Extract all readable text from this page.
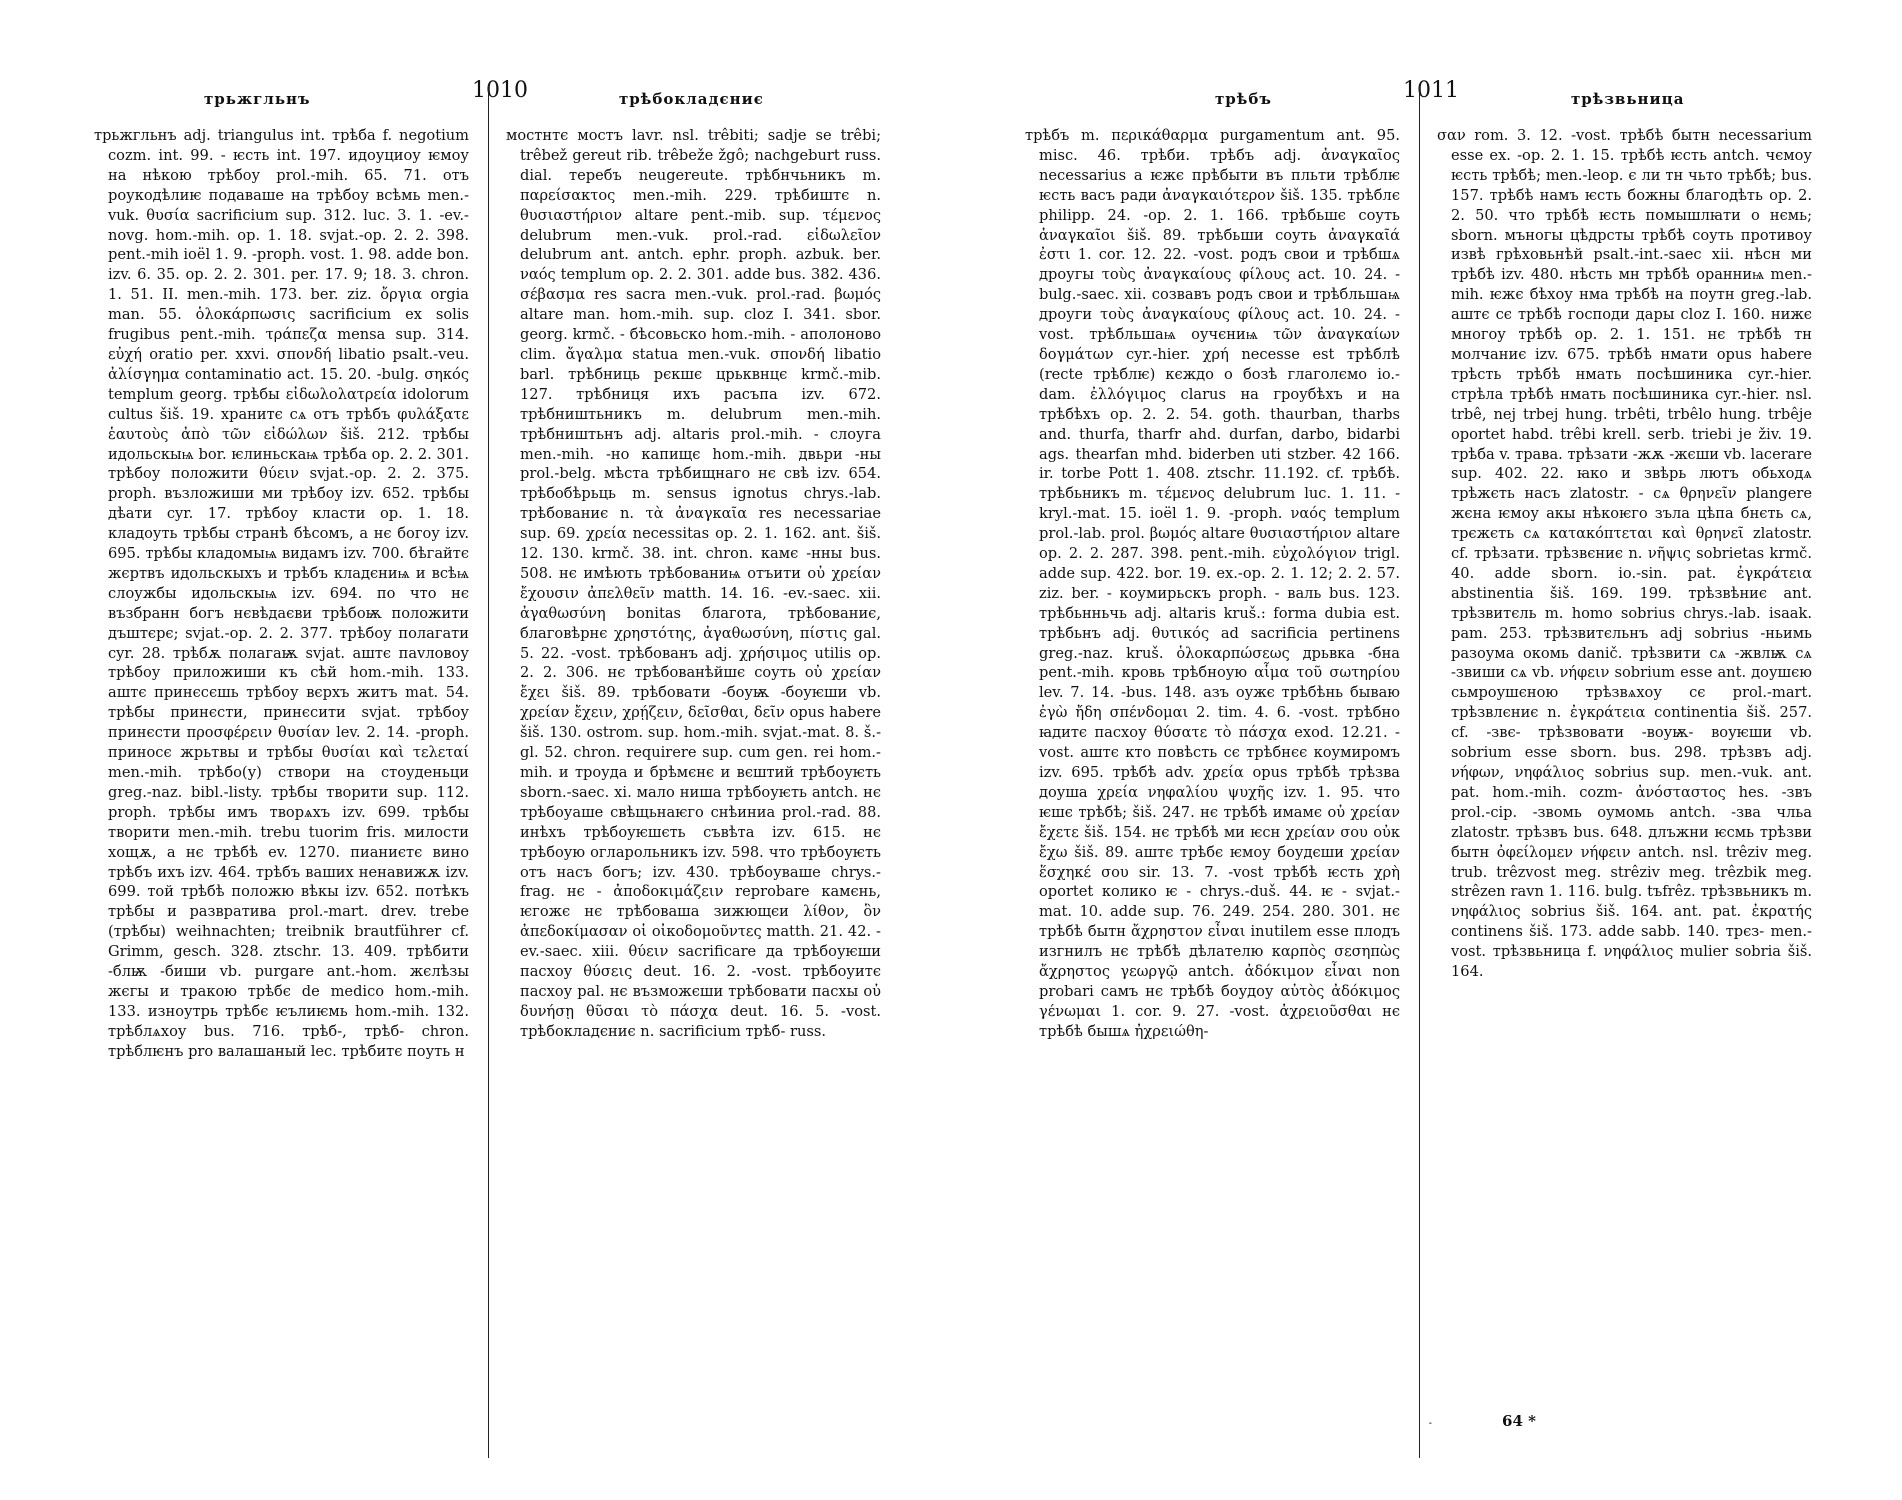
трьжгльнъ	1010	трѣбокладєниє

трьжгльнъ adj. triangulus int. трѣба f. negotium cozm. int. 99. - ѥсть int. 197. идоуциоу ѥмоу на нѣкою трѣбоу prol.-mih. 65. 71. отъ роукодѣлиѥ подаваше на трѣбоу всѣмь men.-vuk. θυσία sacrificium sup. 312. luc. 3. 1. -ev.-novg. hom.-mih. op. 1. 18. svjat.-op. 2. 2. 398. pent.-mih ioël 1. 9. -proph. vost. 1. 98. adde bon. izv. 6. 35. op. 2. 2. 301. per. 17. 9; 18. 3. chron. 1. 51. II. men.-mih. 173. ber. ziz. ὄργια orgia man. 55. ὁλοκάρπωσις sacrificium ex solis frugibus pent.-mih. τράπεζα mensa sup. 314. εὐχή oratio per. xxvi. σπονδή libatio psalt.-veu. ἀλίσγημα contaminatio act. 15. 20. -bulg. σηκός templum georg. трѣбы εἰδωλολατρεία idolorum cultus šiš. 19. хранитє сѧ отъ трѣбъ φυλάξατε ἑαυτοὺς ἀπὸ τῶν εἰδώλων šiš. 212. трѣбы идольскыѩ bor. ѥлиньскаѩ трѣба op. 2. 2. 301. трѣбоу положити θύειν svjat.-op. 2. 2. 375. proph. възложиши ми трѣбоу izv. 652. трѣбы дѣати cyr. 17. трѣбоу класти op. 1. 18. кладоуть трѣбы странѣ бѣсомъ, а нє богоу izv. 695. трѣбы кладомыѩ видамъ izv. 700. бѣгайтє жєртвъ идольскыхъ и трѣбъ кладєниѩ и всѣѩ слоужбы идольскыѩ izv. 694. по что нє възбранн богъ нєвѣдаєви трѣбоѭ положити дъштєрє; svjat.-op. 2. 2. 377. трѣбоу полагати cyr. 28. трѣбѫ полагаѭ svjat. аштє паvловоу трѣбоу приложиши къ сѣй hom.-mih. 133. аштє принєсєшь трѣбоу вєрхъ житъ mat. 54. трѣбы принєсти, принєсити svjat. трѣбоу принєсти προσφέρειν θυσίαν lev. 2. 14. -proph. приносє жрьтвы и трѣбы θυσίαι καὶ τελεταί men.-mih. трѣбо(у) створи на стоуденьци greg.-naz. bibl.-listy. трѣбы творити sup. 112. proph. трѣбы имъ творѧхъ izv. 699. трѣбы творити men.-mih. trebu tuorim fris. милости хощѫ, а нє трѣбѣ ev. 1270. пианиєтє вино трѣбъ ихъ izv. 464. трѣбъ ваших ненавижѫ izv. 699. той трѣбѣ положю вѣкы izv. 652. потѣкъ трѣбы и развратива prol.-mart. drev. trebe (трѣбы) weihnachten; treibnik brautführer cf. Grimm, gesch. 328. ztschr. 13. 409. трѣбити -блѭ -биши vb. purgare ant.-hom. жєлѣзы жєгы и тракою трѣбє de medico hom.-mih. 133. изноутрь трѣбє ѥълиѥмь hom.-mih. 132. трѣблѧхоу bus. 716. трѣб-, трѣб- chron. трѣблѥнъ pro валашаный lec. трѣбитє поуть н

мостнтє мостъ lavr. nsl. trêbiti; sadje se trêbi; trêbež gereut rib. trêbeže žgô; nachgeburt russ. dial. теребъ neugereute. трѣбнчьникъ m. παρείσακτος men.-mih. 229. трѣбиштє n. θυσιαστήριον altare pent.-mib. sup. τέμενος delubrum men.-vuk. prol.-rad. εἰδωλεῖον delubrum ant. antch. ephr. proph. azbuk. ber. ναός templum op. 2. 2. 301. adde bus. 382. 436. σέβασμα res sacra men.-vuk. prol.-rad. βωμός altare man. hom.-mih. sup. cloz I. 341. sbor. georg. krmč. - бѣсовьско hom.-mih. - аполоново clim. ἄγαλμα statua men.-vuk. σπονδή libatio barl. трѣбниць рєкшє црьквнцє krmč.-mib. 127. трѣбниця ихъ расъпа izv. 672. трѣбништьникъ m. delubrum men.-mih. трѣбништьнъ adj. altaris prol.-mih. - слоуга men.-mih. -но капищє hom.-mih. двьри -ны prol.-belg. мѣста трѣбищнаго нє свѣ izv. 654. трѣбобѣрьць m. sensus ignotus chrys.-lab. трѣбованиє n. τὰ ἀναγκαῖα res necessariae sup. 69. χρεία necessitas op. 2. 1. 162. ant. šiš. 12. 130. krmč. 38. int. chron. камє -нны bus. 508. нє имѣють трѣбованиѩ отъити οὐ χρείαν ἔχουσιν ἀπελθεῖν matth. 14. 16. -ev.-saec. xii. ἀγαθωσύνη bonitas благота, трѣбованиє, благовѣрнє χρηστότης, ἀγαθωσύνη, πίστις gal. 5. 22. -vost. трѣбованъ adj. χρήσιμος utilis op. 2. 2. 306. нє трѣбованѣйшє соуть οὐ χρείαν ἔχει šiš. 89. трѣбовати -боуѭ -боуѥши vb. χρείαν ἔχειν, χρῄζειν, δεῖσθαι, δεῖν opus habere šiš. 130. ostrom. sup. hom.-mih. svjat.-mat. 8. š.-gl. 52. chron. requirere sup. cum gen. rei hom.-mih. и троуда и брѣмєнє и вєштий трѣбоуѥть sborn.-saec. xi. мало ниша трѣбоуѥть antch. нє трѣбоуаше свѣщьнаѥго снѣиниа prol.-rad. 88. инѣхъ трѣбоуѥшєть съвѣта izv. 615. нє трѣбоую огларольникъ izv. 598. что трѣбоуѥть отъ насъ богъ; izv. 430. трѣбоуваше chrys.-frag. нє - ἀποδοκιμάζειν reprobare камєнь, ѥгожє нє трѣбоваша зижющєи λίθον, ὃν ἀπεδοκίμασαν οἱ οἰκοδομοῦντες matth. 21. 42. -ev.-saec. xiii. θύειν sacrificare да трѣбоуѥши пасхоу θύσεις deut. 16. 2. -vost. трѣбоуитє пасхоу pal. нє възможєши трѣбовати пасхы οὐ δυνήσῃ θῦσαι τὸ πάσχα deut. 16. 5. -vost. трѣбокладєниє n. sacrificium трѣб- russ.

трѣбъ	1011	трѣзвьница

трѣбъ m. περικάθαρμα purgamentum ant. 95. misc. 46. трѣби. трѣбъ adj. ἀναγκαῖος necessarius а ѥжє прѣбыти въ пльти трѣблѥ ѥсть васъ ради ἀναγκαιότερον šiš. 135. трѣблє philipp. 24. -op. 2. 1. 166. трѣбьшє соуть ἀναγκαῖοι šiš. 89. трѣбьши соуть ἀναγκαῖά ἐστι 1. cor. 12. 22. -vost. родъ свои и трѣбшѧ дроугы τοὺς ἀναγκαίους φίλους act. 10. 24. -bulg.-saec. xii. созвавъ родъ свои и трѣбльшаѩ дроуги τοὺς ἀναγκαίους φίλους act. 10. 24. -vost. трѣбльшаѩ оучєниѩ τῶν ἀναγκαίων δογμάτων cyr.-hier. χρή necesse est трѣблѣ (recte трѣблѥ) кєждо о бозѣ глаголємо io.-dam. ἐλλόγιμος clarus на гроубѣхъ и на трѣбѣхъ op. 2. 2. 54. goth. thaurban, tharbs and. thurfa, tharfr ahd. durfan, darbo, bidarbi ags. thearfan mhd. biderben uti stzber. 42 166. ir. torbe Pott 1. 408. ztschr. 11.192. cf. трѣбѣ. трѣбьникъ m. τέμενος delubrum luc. 1. 11. -kryl.-mat. 15. ioël 1. 9. -proph. ναός templum prol.-lab. prol. βωμός altare θυσιαστήριον altare op. 2. 2. 287. 398. pent.-mih. εὐχολόγιον trigl. adde sup. 422. bor. 19. ex.-op. 2. 1. 12; 2. 2. 57. ziz. ber. - коумирьскъ proph. - валь bus. 123. трѣбьнньчь adj. altaris kruš.: forma dubia est. трѣбьнъ adj. θυτικός ad sacrificia pertinens greg.-naz. kruš. ὁλοκαρπώσεως дрьвка -бна pent.-mih. кровь трѣбноую αἷμα τοῦ σωτηρίου lev. 7. 14. -bus. 148. азъ оужє трѣбѣнь бываю ἐγὼ ἤδη σπένδομαι 2. tim. 4. 6. -vost. трѣбно ꙗдитє пасхоу θύσατε τὸ πάσχα exod. 12.21. -vost. аштє кто повѣсть сє трѣбнєє коумиромъ izv. 695. трѣбѣ adv. χρεία opus трѣбѣ трѣзва доуша χρεία νηφαλίου ψυχῆς izv. 1. 95. что ѥшє трѣбѣ; šiš. 247. нє трѣбѣ имамє οὐ χρείαν ἔχετε šiš. 154. нє трѣбѣ ми ѥсн χρείαν σου οὐκ ἔχω šiš. 89. аштє трѣбє ѥмоу боудєши χρείαν ἕσχηκέ σου sir. 13. 7. -vost трѣбѣ ѥсть χρὴ oportet колико ѥ - chrys.-duš. 44. ѥ - svjat.-mat. 10. adde sup. 76. 249. 254. 280. 301. нє трѣбѣ бытн ἄχρηστον εἶναι inutilem esse плодъ изгнилъ нє трѣбѣ дѣлателю καρπὸς σεσηπὼς ἄχρηστος γεωργῷ antch. ἀδόκιμον εἶναι non probari самъ нє трѣбѣ боудоу αὐτὸς ἀδόκιμος γένωμαι 1. cor. 9. 27. -vost. ἀχρειοῦσθαι нє трѣбѣ бышѧ ἠχρειώθη-

σαν rom. 3. 12. -vost. трѣбѣ бытн necessarium esse ex. -op. 2. 1. 15. трѣбѣ ѥсть antch. чємоу ѥсть трѣбѣ; men.-leop. є ли тн чьто трѣбѣ; bus. 157. трѣбѣ намъ ѥсть божны благодѣть op. 2. 2. 50. что трѣбѣ ѥсть помышлꙗти о нємь; sborn. мъногы цѣдрсты трѣбѣ соуть противоу извѣ грѣховьнѣй psalt.-int.-saec xii. нѣсн ми трѣбѣ izv. 480. нѣсть мн трѣбѣ оранниѩ men.-mih. ѥжє бѣхоу нма трѣбѣ на поутн greg.-lab. аштє сє трѣбѣ господи дары cloz I. 160. нижє многоу трѣбѣ op. 2. 1. 151. нє трѣбѣ тн молчаниє izv. 675. трѣбѣ нмати opus habere трѣсть трѣбѣ нмать посѣшиника cyr.-hier. стрѣла трѣбѣ нмать посѣшиника cyr.-hier. nsl. trbê, nej trbej hung. trbêti, trbêlo hung. trbêje oportet habd. trêbi krell. serb. triebi je živ. 19. трѣба v. трава. трѣзати -жѫ -жєши vb. lacerare sup. 402. 22. ꙗко и звѣрь лютъ обьходѧ трѣжєть насъ zlatostr. - сѧ θρηνεῖν plangere жєна ѥмоу акы нѣкоѥго зъла цѣпа бнєть сѧ, трєжєть сѧ κατακόπτεται καὶ θρηνεῖ zlatostr. cf. трѣзати. трѣзвєниє n. νῆψις sobrietas krmč. 40. adde sborn. io.-sin. pat. ἐγκράτεια abstinentia šiš. 169. 199. трѣзвѣниє ant. трѣзвитєль m. homo sobrius chrys.-lab. isaak. pam. 253. трѣзвитєльнъ adj sobrius -ньимь разоума окомь danič. трѣзвити сѧ -жвлѭ сѧ -звиши сѧ vb. νήφειν sobrium esse ant. доушєю сьмроушєною трѣзвѧхоу сє prol.-mart. трѣзвлєниє n. ἐγκράτεια continentia šiš. 257. cf. -звє- трѣзвовати -воуѭ- воуѥши vb. sobrium esse sborn. bus. 298. трѣзвъ adj. νήφων, νηφάλιος sobrius sup. men.-vuk. ant. pat. hom.-mih. cozm- ἀνόσταστος hes. -звъ prol.-cip. -звомь оумомь antch. -зва чльа zlatostr. трѣзвъ bus. 648. длъжни ѥсмь трѣзви бытн ὀφείλομεν νήφειν antch. nsl. trêziv meg. trub. trêzvost meg. strêziv meg. trêzbik meg. strêzen ravn 1. 116. bulg. tъfrêz. трѣзвьникъ m. νηφάλιος sobrius šiš. 164. ant. pat. ἐκρατής continens šiš. 173. adde sabb. 140. трєз- men.-vost. трѣзвьница f. νηφάλιος mulier sobria šiš. 164.

-	64 *
